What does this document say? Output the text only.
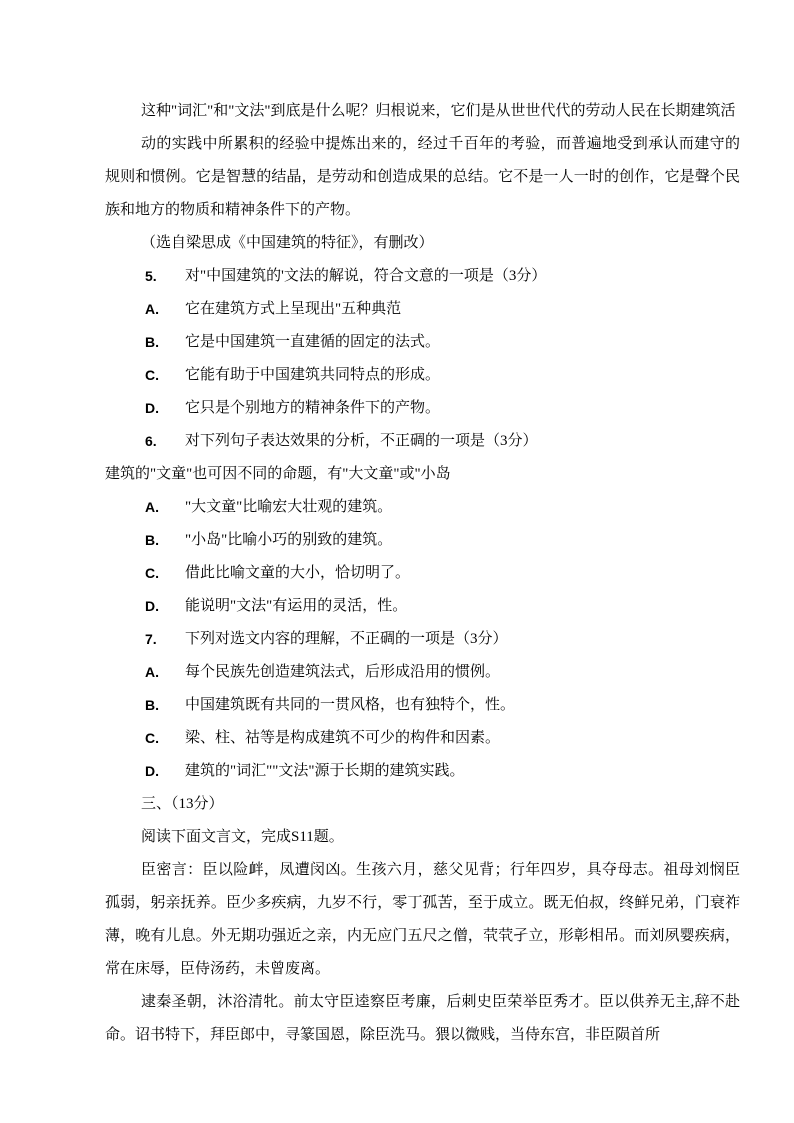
这种"词汇"和"文法"到底是什么呢？归根说来，它们是从世世代代的劳动人民在长期建筑活

动的实践中所累积的经验中提炼出来的，经过千百年的考验，而普遍地受到承认而建守的规则和惯例。它是智慧的结晶，是劳动和创造成果的总结。它不是一人一时的创作，它是聲个民族和地方的物质和精神条件下的产物。

（选自梁思成《中国建筑的特征》，有删改）

5.	对"中国建筑的'文法的解说，符合文意的一项是（3分）
A.	它在建筑方式上呈现出"五种典范
B.	它是中国建筑一直建循的固定的法式。
C.	它能有助于中国建筑共同特点的形成。
D.	它只是个别地方的精神条件下的产物。
6.	对下列句子表达效果的分析，不正碉的一项是（3分）

建筑的"文童"也可因不同的命题，有"大文童"或"小岛

A.	"大文童"比喻宏大壮观的建筑。
B.	"小岛"比喻小巧的别致的建筑。
C.	借此比喻文童的大小，恰切明了。
D.	能说明"文法"有运用的灵活，性。
7.	下列对选文内容的理解，不正碉的一项是（3分）
A.	每个民族先创造建筑法式，后形成沿用的惯例。
B.	中国建筑既有共同的一贯风格，也有独特个，性。
C.	梁、柱、祜等是构成建筑不可少的构件和因素。
D.	建筑的"词汇""文法"源于长期的建筑实践。

三、（13分）

阅读下面文言文，完成S11题。

臣密言：臣以险衅，凤遭闵凶。生孩六月，慈父见背；行年四岁，具夺母志。祖母刘悯臣孤弱，躬亲抚养。臣少多疾病，九岁不行，零丁孤苦，至于成立。既无伯叔，终鲜兄弟，门衰祚薄，晚有儿息。外无期功强近之亲，内无应门五尺之僧，茕茕孑立，形彰相吊。而刘夙婴疾病，常在床辱，臣侍汤药，未曾废离。

逮秦圣朝，沐浴清牝。前太守臣逵察臣考廉，后刺史臣荣举臣秀才。臣以供养无主,辞不赴命。诏书特下，拜臣郎中，寻篆国恩，除臣洗马。猥以微贱，当侍东宫，非臣陨首所
